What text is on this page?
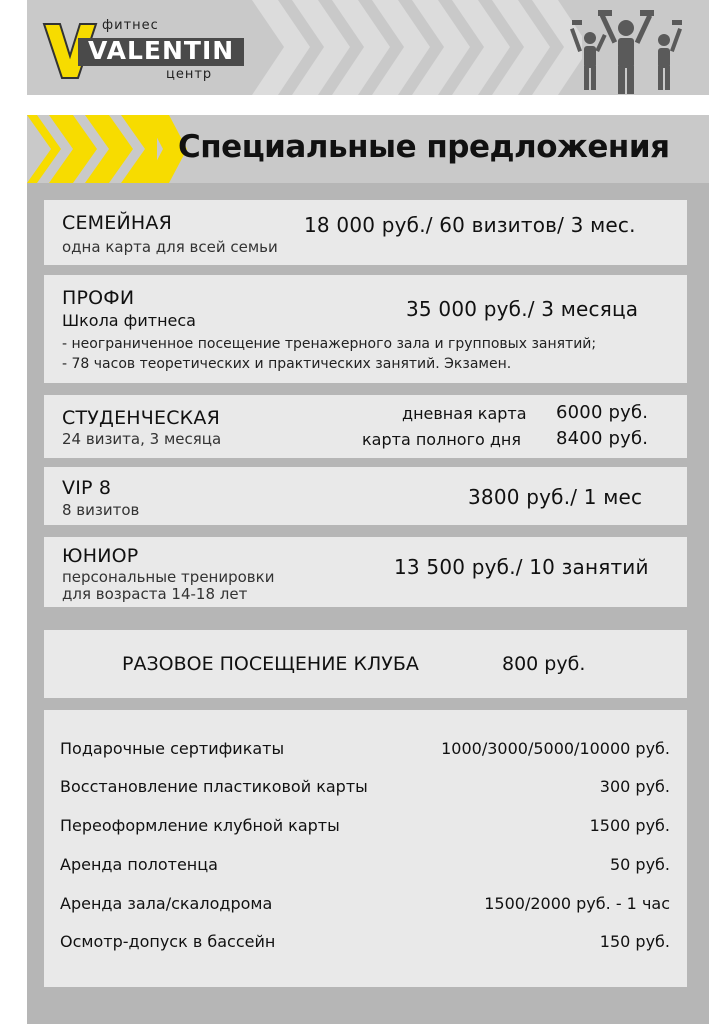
фитнес
VALENTIN
центр
Специальные предложения
СЕМЕЙНАЯ
одна карта для всей семьи
18 000 руб./ 60 визитов/ 3 мес.
ПРОФИ
Школа фитнеса	35 000 руб./ 3 месяца
- неограниченное посещение тренажерного зала и групповых занятий;
- 78 часов теоретических и практических занятий. Экзамен.
СТУДЕНЧЕСКАЯ
24 визита, 3 месяца
дневная карта 6000 руб.
карта полного дня 8400 руб.
VIP 8
8 визитов
3800 руб./ 1 мес
ЮНИОР
персональные тренировки
для возраста 14-18 лет
13 500 руб./ 10 занятий
РАЗОВОЕ ПОСЕЩЕНИЕ КЛУБА	800 руб.
Подарочные сертификаты	1000/3000/5000/10000 руб.
Восстановление пластиковой карты	300 руб.
Переоформление клубной карты	1500 руб.
Аренда полотенца	50 руб.
Аренда зала/скалодрома	1500/2000 руб. - 1 час
Осмотр-допуск в бассейн	150 руб.
